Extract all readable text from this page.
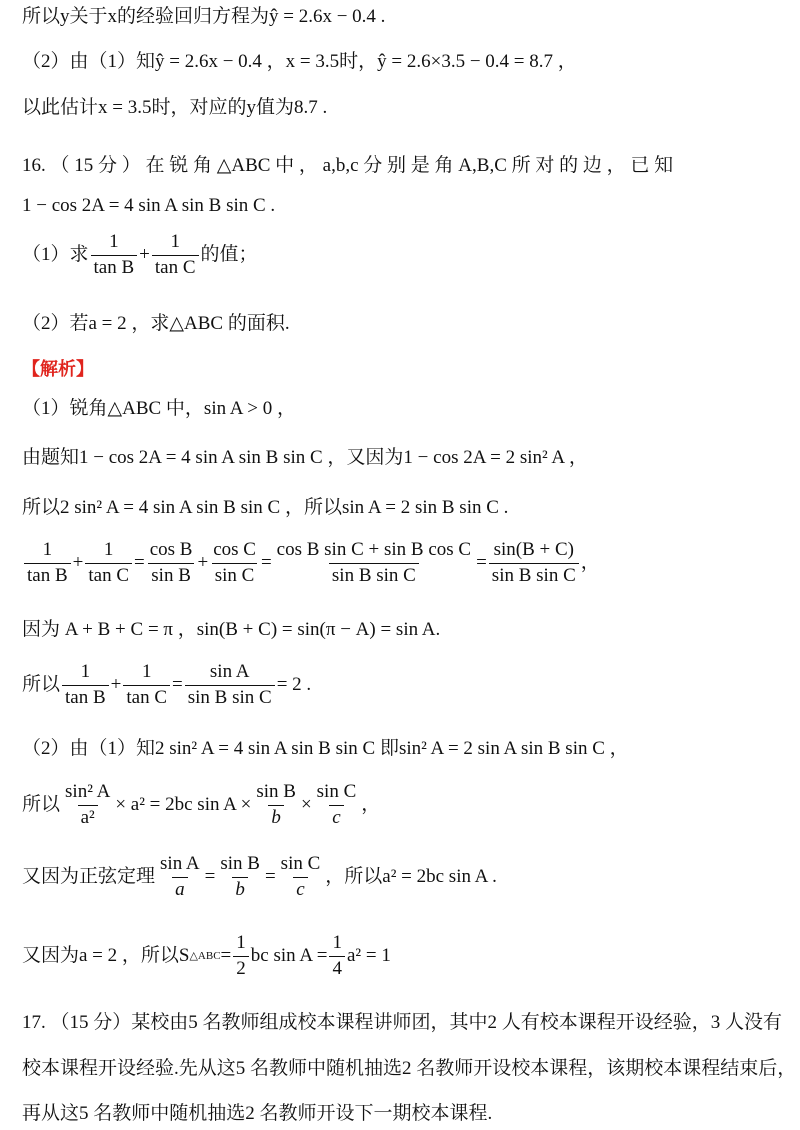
所以y关于x的经验回归方程为ŷ = 2.6x − 0.4 .
（2）由（1）知ŷ = 2.6x − 0.4 ，x = 3.5时，ŷ = 2.6×3.5 − 0.4 = 8.7 ，
以此估计x = 3.5时，对应的y值为8.7 .
16. （ 15 分 ） 在 锐 角 △ABC 中 ， a,b,c 分 别 是 角 A,B,C 所 对 的 边 ， 已 知
1 − cos 2A = 4 sin A sin B sin C .
（1）求 $\frac{1}{\text{tan B}} + \frac{1}{\text{tan C}}$ 的值；
（2）若a = 2 ，求△ABC 的面积.
【解析】
（1）锐角△ABC 中，sin A > 0 ，
由题知1 − cos 2A = 4 sin A sin B sin C ，又因为1 − cos 2A = 2 sin² A ，
所以2 sin² A = 4 sin A sin B sin C ，所以sin A = 2 sin B sin C .
$\frac{1}{\text{tan B}} + \frac{1}{\text{tan C}} = \frac{\text{cos B}}{\text{sin B}} + \frac{\text{cos C}}{\text{sin C}} = \frac{\text{cos B sin C + sin B cos C}}{\text{sin B sin C}} = \frac{\sin(B + C)}{\text{sin B sin C}}$ ，
因为 A + B + C = π ，sin(B + C) = sin(π − A) = sin A.
所以 $\frac{1}{\text{tan B}} + \frac{1}{\text{tan C}} = \frac{\text{sin A}}{\text{sin B sin C}} = 2$ .
（2）由（1）知2 sin² A = 4 sin A sin B sin C 即sin² A = 2 sin A sin B sin C ，
所以 $\frac{\text{sin² A}}{\text{a²}} \times a^2 = 2bc$ $\sin A \times \frac{\text{sin B}}{b} \times \frac{\text{sin C}}{c}$ ，
又因为正弦定理 $\frac{\text{sin A}}{a} = \frac{\text{sin B}}{b} = \frac{\text{sin C}}{c}$ ，所以a² = 2bc sin A .
又因为a = 2 ，所以S △ABC = $\frac{1}{2}$ bc $\sin A = \frac{1}{4} a^2 = 1$
17. （15 分）某校由5 名教师组成校本课程讲师团，其中2 人有校本课程开设经验，3 人没有
校本课程开设经验.先从这5 名教师中随机抽选2 名教师开设校本课程，该期校本课程结束后，
再从这5 名教师中随机抽选2 名教师开设下一期校本课程.
